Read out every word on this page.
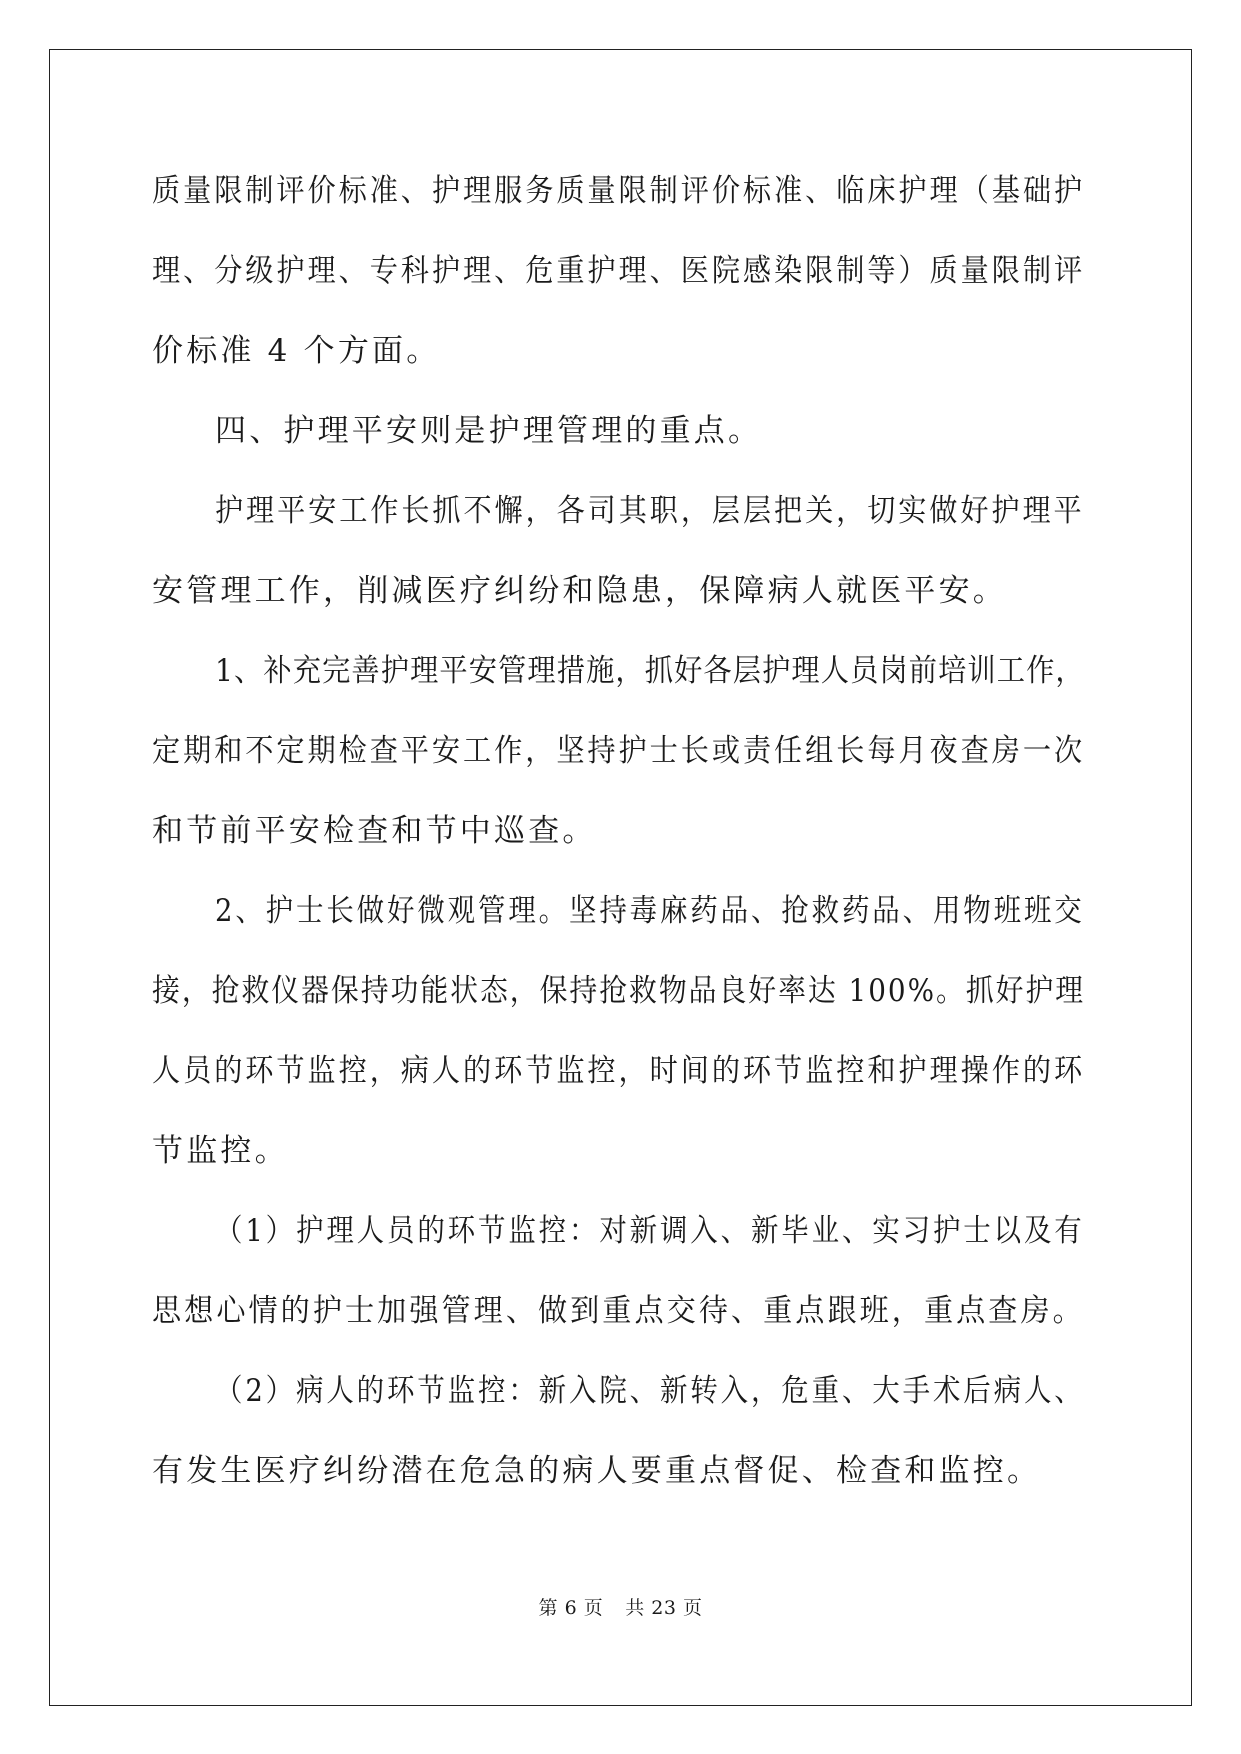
质量限制评价标准、护理服务质量限制评价标准、临床护理（基础护
理、分级护理、专科护理、危重护理、医院感染限制等）质量限制评
价标准 4 个方面。
四、护理平安则是护理管理的重点。
护理平安工作长抓不懈，各司其职，层层把关，切实做好护理平
安管理工作，削减医疗纠纷和隐患，保障病人就医平安。
1、补充完善护理平安管理措施，抓好各层护理人员岗前培训工作，
定期和不定期检查平安工作，坚持护士长或责任组长每月夜查房一次
和节前平安检查和节中巡查。
2、护士长做好微观管理。坚持毒麻药品、抢救药品、用物班班交
接，抢救仪器保持功能状态，保持抢救物品良好率达 100%。抓好护理
人员的环节监控，病人的环节监控，时间的环节监控和护理操作的环
节监控。
（1）护理人员的环节监控：对新调入、新毕业、实习护士以及有
思想心情的护士加强管理、做到重点交待、重点跟班，重点查房。
（2）病人的环节监控：新入院、新转入，危重、大手术后病人、
有发生医疗纠纷潜在危急的病人要重点督促、检查和监控。
第 6 页 共 23 页
